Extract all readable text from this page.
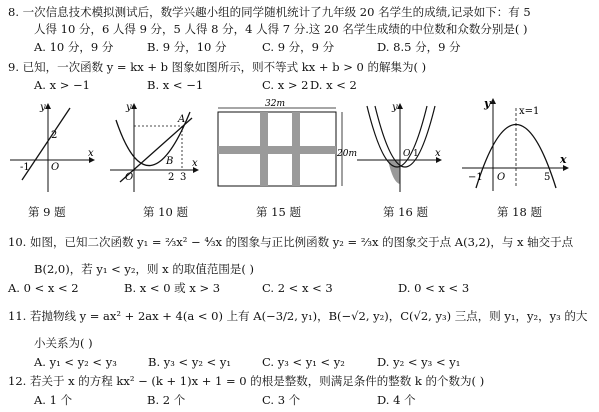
8. 一次信息技术模拟测试后，数学兴趣小组的同学随机统计了九年级 20 名学生的成绩,记录如下：有 5
人得 10 分，6 人得 9 分，5 人得 8 分，4 人得 7 分.这 20 名学生成绩的中位数和众数分别是( )
A. 10 分，9 分	B. 9 分，10 分	C. 9 分，9 分	D. 8.5 分，9 分
9. 已知，一次函数 y = kx + b 图象如图所示，则不等式 kx + b > 0 的解集为( )
A. x > −1	B. x < −1	C. x > 2 D. x < 2
y
x
2
-1 O
y
x
A
B
O	2 3
32m
20m
y
x
O 1
y
x
x=1
−1 O	5
第 9 题	第 10 题	第 15 题	第 16 题	第 18 题
10. 如图，已知二次函数 y₁ = ⅔x² − ⁴⁄₃x 的图象与正比例函数 y₂ = ⅔x 的图象交于点 A(3,2)，与 x 轴交于点
B(2,0)，若 y₁ < y₂，则 x 的取值范围是( )
A. 0 < x < 2	B. x < 0 或 x > 3	C. 2 < x < 3	D. 0 < x < 3
11. 若抛物线 y = ax² + 2ax + 4(a < 0) 上有 A(−3/2, y₁)，B(−√2, y₂)，C(√2, y₃) 三点，则 y₁，y₂，y₃ 的大
小关系为( )
A. y₁ < y₂ < y₃	B. y₃ < y₂ < y₁	C. y₃ < y₁ < y₂	D. y₂ < y₃ < y₁
12. 若关于 x 的方程 kx² − (k + 1)x + 1 = 0 的根是整数，则满足条件的整数 k 的个数为( )
A. 1 个	B. 2 个	C. 3 个	D. 4 个
